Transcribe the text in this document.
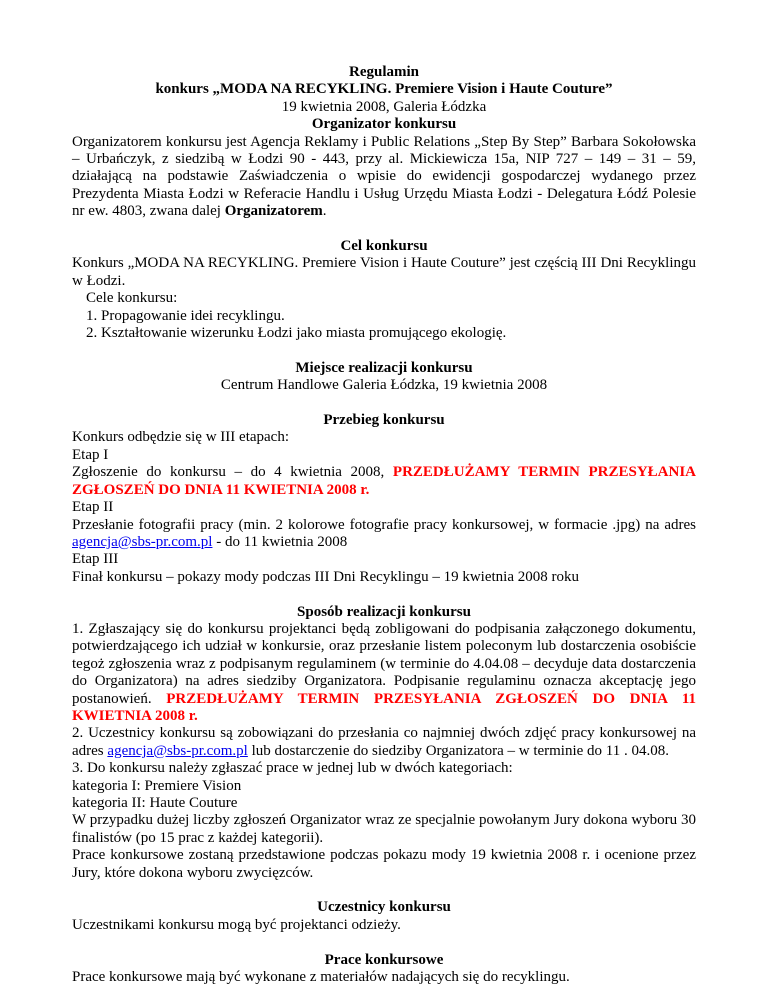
Regulamin

konkurs „MODA NA RECYKLING. Premiere Vision i Haute Couture”

19 kwietnia 2008, Galeria Łódzka

Organizator konkursu

Organizatorem konkursu jest Agencja Reklamy i Public Relations „Step By Step” Barbara Sokołowska – Urbańczyk, z siedzibą w Łodzi 90 - 443, przy al. Mickiewicza 15a, NIP 727 – 149 – 31 – 59, działającą na podstawie Zaświadczenia o wpisie do ewidencji gospodarczej wydanego przez Prezydenta Miasta Łodzi w Referacie Handlu i Usług Urzędu Miasta Łodzi - Delegatura Łódź Polesie nr ew. 4803, zwana dalej Organizatorem.

Cel konkursu

Konkurs „MODA NA RECYKLING. Premiere Vision i Haute Couture” jest częścią III Dni Recyklingu w Łodzi.

Cele konkursu:

1. Propagowanie idei recyklingu.

2. Kształtowanie wizerunku Łodzi jako miasta promującego ekologię.

Miejsce realizacji konkursu

Centrum Handlowe Galeria Łódzka, 19 kwietnia 2008

Przebieg konkursu

Konkurs odbędzie się w III etapach:

Etap I

Zgłoszenie do konkursu – do 4 kwietnia 2008, PRZEDŁUŻAMY TERMIN PRZESYŁANIA ZGŁOSZEŃ DO DNIA 11 KWIETNIA 2008 r.

Etap II

Przesłanie fotografii pracy (min. 2 kolorowe fotografie pracy konkursowej, w formacie .jpg) na adres agencja@sbs-pr.com.pl - do 11 kwietnia 2008

Etap III

Finał konkursu – pokazy mody podczas III Dni Recyklingu – 19 kwietnia 2008 roku

Sposób realizacji konkursu

1. Zgłaszający się do konkursu projektanci będą zobligowani do podpisania załączonego dokumentu, potwierdzającego ich udział w konkursie, oraz przesłanie listem poleconym lub dostarczenia osobiście tegoż zgłoszenia wraz z podpisanym regulaminem (w terminie do 4.04.08 – decyduje data dostarczenia do Organizatora) na adres siedziby Organizatora. Podpisanie regulaminu oznacza akceptację jego postanowień. PRZEDŁUŻAMY TERMIN PRZESYŁANIA ZGŁOSZEŃ DO DNIA 11 KWIETNIA 2008 r.

2. Uczestnicy konkursu są zobowiązani do przesłania co najmniej dwóch zdjęć pracy konkursowej na adres agencja@sbs-pr.com.pl lub dostarczenie do siedziby Organizatora – w terminie do 11 . 04.08.

3. Do konkursu należy zgłaszać prace w jednej lub w dwóch kategoriach:

kategoria I: Premiere Vision

kategoria II: Haute Couture

W przypadku dużej liczby zgłoszeń Organizator wraz ze specjalnie powołanym Jury dokona wyboru 30 finalistów (po 15 prac z każdej kategorii).

Prace konkursowe zostaną przedstawione podczas pokazu mody 19 kwietnia 2008 r. i ocenione przez Jury, które dokona wyboru zwycięzców.

Uczestnicy konkursu

Uczestnikami konkursu mogą być projektanci odzieży.

Prace konkursowe

Prace konkursowe mają być wykonane z materiałów nadających się do recyklingu.
